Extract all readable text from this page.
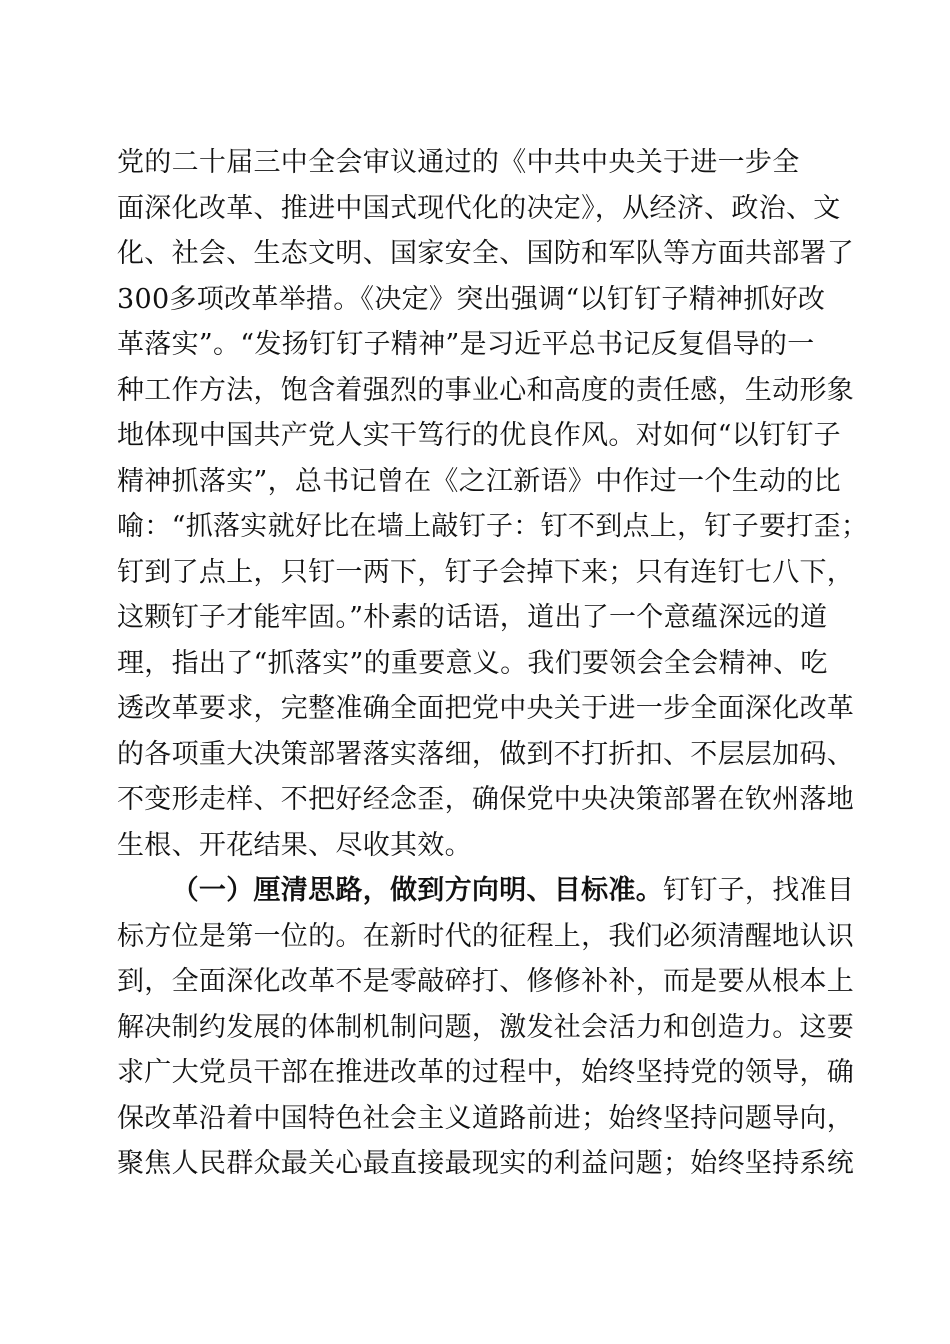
党的二十届三中全会审议通过的《中共中央关于进一步全
面深化改革、推进中国式现代化的决定》，从经济、政治、文
化、社会、生态文明、国家安全、国防和军队等方面共部署了
300多项改革举措。《决定》突出强调“以钉钉子精神抓好改
革落实”。“发扬钉钉子精神”是习近平总书记反复倡导的一
种工作方法，饱含着强烈的事业心和高度的责任感，生动形象
地体现中国共产党人实干笃行的优良作风。对如何“以钉钉子
精神抓落实”，总书记曾在《之江新语》中作过一个生动的比
喻：“抓落实就好比在墙上敲钉子：钉不到点上，钉子要打歪；
钉到了点上，只钉一两下，钉子会掉下来；只有连钉七八下，
这颗钉子才能牢固。”朴素的话语，道出了一个意蕴深远的道
理，指出了“抓落实”的重要意义。我们要领会全会精神、吃
透改革要求，完整准确全面把党中央关于进一步全面深化改革
的各项重大决策部署落实落细，做到不打折扣、不层层加码、
不变形走样、不把好经念歪，确保党中央决策部署在钦州落地
生根、开花结果、尽收其效。
  （一）厘清思路，做到方向明、目标准。钉钉子，找准目
标方位是第一位的。在新时代的征程上，我们必须清醒地认识
到，全面深化改革不是零敲碎打、修修补补，而是要从根本上
解决制约发展的体制机制问题，激发社会活力和创造力。这要
求广大党员干部在推进改革的过程中，始终坚持党的领导，确
保改革沿着中国特色社会主义道路前进；始终坚持问题导向，
聚焦人民群众最关心最直接最现实的利益问题；始终坚持系统
